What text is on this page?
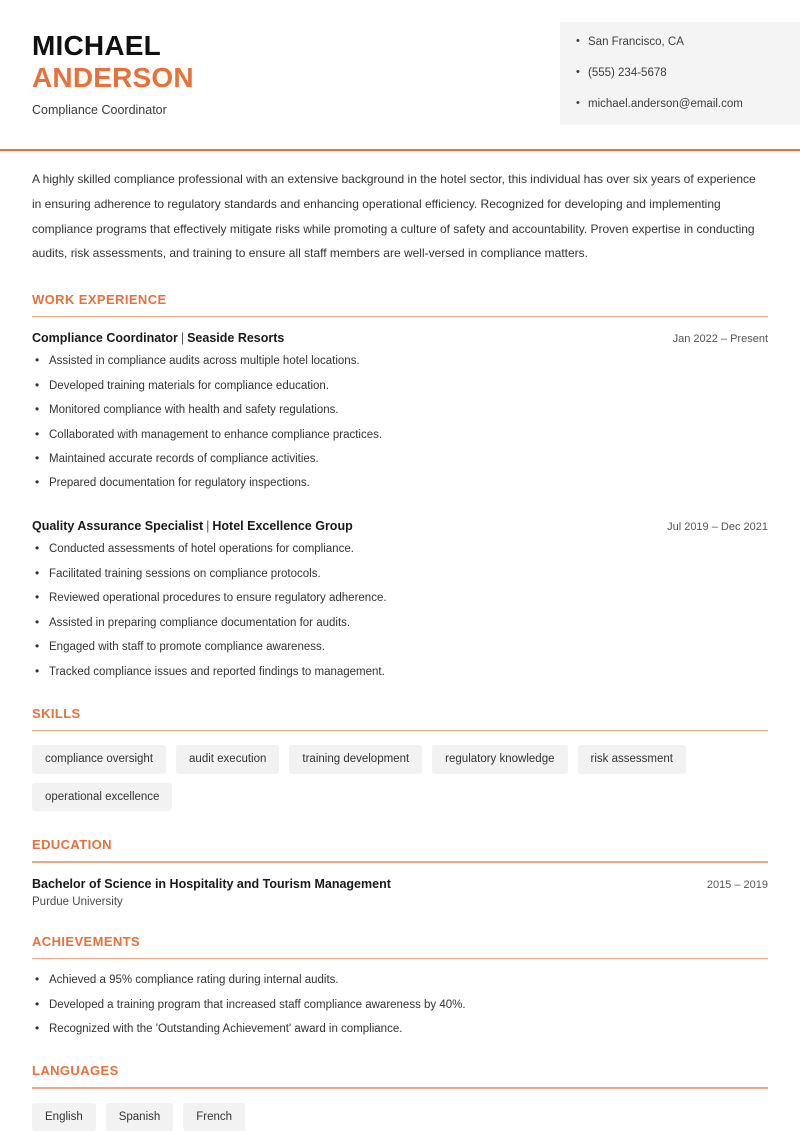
MICHAEL
ANDERSON
Compliance Coordinator
• San Francisco, CA
• (555) 234-5678
• michael.anderson@email.com

A highly skilled compliance professional with an extensive background in the hotel sector, this individual has over six years of experience in ensuring adherence to regulatory standards and enhancing operational efficiency. Recognized for developing and implementing compliance programs that effectively mitigate risks while promoting a culture of safety and accountability. Proven expertise in conducting audits, risk assessments, and training to ensure all staff members are well-versed in compliance matters.

WORK EXPERIENCE
Compliance Coordinator | Seaside Resorts	Jan 2022 – Present
• Assisted in compliance audits across multiple hotel locations.
• Developed training materials for compliance education.
• Monitored compliance with health and safety regulations.
• Collaborated with management to enhance compliance practices.
• Maintained accurate records of compliance activities.
• Prepared documentation for regulatory inspections.
Quality Assurance Specialist | Hotel Excellence Group	Jul 2019 – Dec 2021
• Conducted assessments of hotel operations for compliance.
• Facilitated training sessions on compliance protocols.
• Reviewed operational procedures to ensure regulatory adherence.
• Assisted in preparing compliance documentation for audits.
• Engaged with staff to promote compliance awareness.
• Tracked compliance issues and reported findings to management.
SKILLS
compliance oversight	audit execution	training development	regulatory knowledge	risk assessment
operational excellence
EDUCATION
Bachelor of Science in Hospitality and Tourism Management	2015 – 2019
Purdue University
ACHIEVEMENTS
• Achieved a 95% compliance rating during internal audits.
• Developed a training program that increased staff compliance awareness by 40%.
• Recognized with the 'Outstanding Achievement' award in compliance.
LANGUAGES
English	Spanish	French
